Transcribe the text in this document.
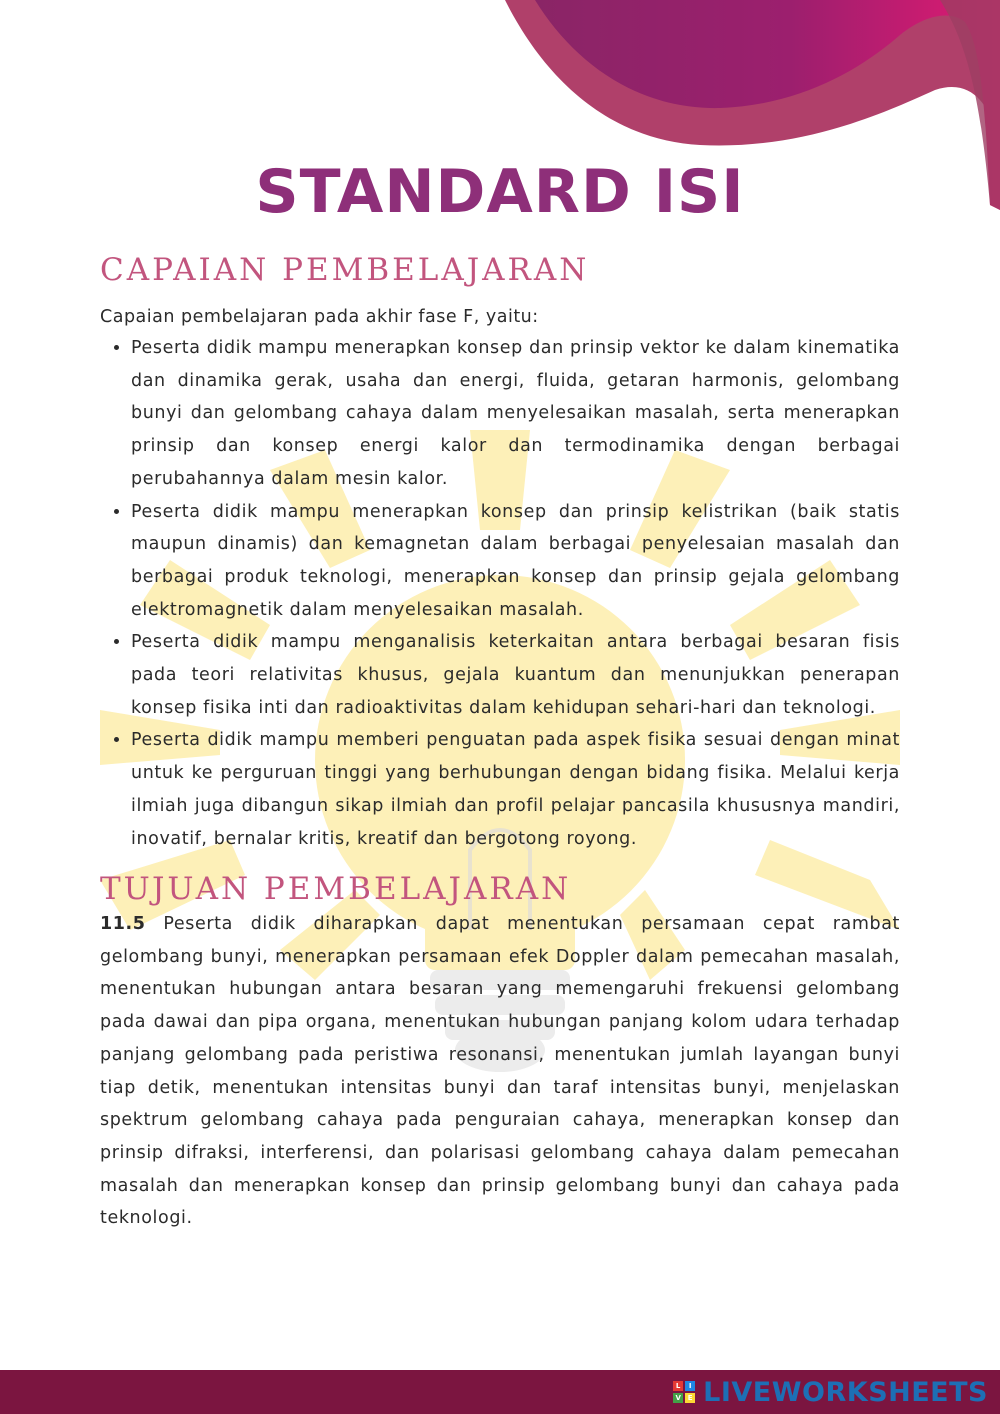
STANDARD ISI
CAPAIAN PEMBELAJARAN

Capaian pembelajaran pada akhir fase F, yaitu:

• Peserta didik mampu menerapkan konsep dan prinsip vektor ke dalam kinematika dan dinamika gerak, usaha dan energi, fluida, getaran harmonis, gelombang bunyi dan gelombang cahaya dalam menyelesaikan masalah, serta menerapkan prinsip dan konsep energi kalor dan termodinamika dengan berbagai perubahannya dalam mesin kalor.
• Peserta didik mampu menerapkan konsep dan prinsip kelistrikan (baik statis maupun dinamis) dan kemagnetan dalam berbagai penyelesaian masalah dan berbagai produk teknologi, menerapkan konsep dan prinsip gejala gelombang elektromagnetik dalam menyelesaikan masalah.
• Peserta didik mampu menganalisis keterkaitan antara berbagai besaran fisis pada teori relativitas khusus, gejala kuantum dan menunjukkan penerapan konsep fisika inti dan radioaktivitas dalam kehidupan sehari-hari dan teknologi.
• Peserta didik mampu memberi penguatan pada aspek fisika sesuai dengan minat untuk ke perguruan tinggi yang berhubungan dengan bidang fisika. Melalui kerja ilmiah juga dibangun sikap ilmiah dan profil pelajar pancasila khususnya mandiri, inovatif, bernalar kritis, kreatif dan bergotong royong.
TUJUAN PEMBELAJARAN

11.5 Peserta didik diharapkan dapat menentukan persamaan cepat rambat gelombang bunyi, menerapkan persamaan efek Doppler dalam pemecahan masalah, menentukan hubungan antara besaran yang memengaruhi frekuensi gelombang pada dawai dan pipa organa, menentukan hubungan panjang kolom udara terhadap panjang gelombang pada peristiwa resonansi, menentukan jumlah layangan bunyi tiap detik, menentukan intensitas bunyi dan taraf intensitas bunyi, menjelaskan spektrum gelombang cahaya pada penguraian cahaya, menerapkan konsep dan prinsip difraksi, interferensi, dan polarisasi gelombang cahaya dalam pemecahan masalah dan menerapkan konsep dan prinsip gelombang bunyi dan cahaya pada teknologi.

L	I
V E LIVEWORKSHEETS
